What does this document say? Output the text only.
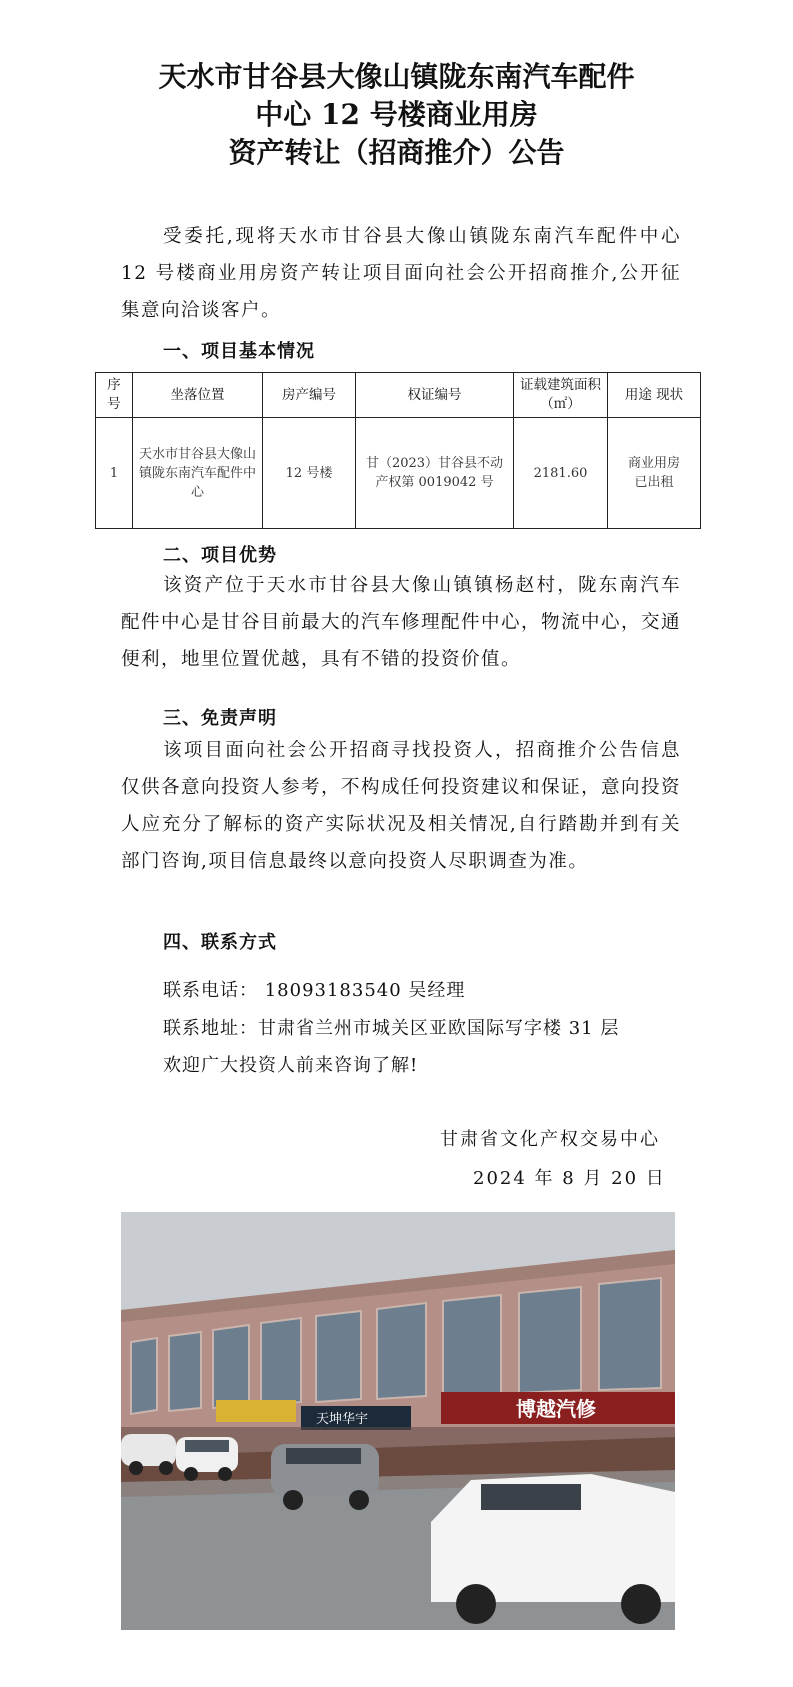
天水市甘谷县大像山镇陇东南汽车配件
中心 12 号楼商业用房
资产转让（招商推介）公告
受委托,现将天水市甘谷县大像山镇陇东南汽车配件中心 12 号楼商业用房资产转让项目面向社会公开招商推介,公开征集意向洽谈客户。
一、项目基本情况
序号	坐落位置	房产编号	权证编号	证载建筑面积（㎡）	用途 现状
1	天水市甘谷县大像山镇陇东南汽车配件中心	12 号楼	甘（2023）甘谷县不动产权第 0019042 号	2181.60	商业用房
已出租
二、项目优势
该资产位于天水市甘谷县大像山镇镇杨赵村，陇东南汽车配件中心是甘谷目前最大的汽车修理配件中心，物流中心，交通便利，地里位置优越，具有不错的投资价值。
三、免责声明
该项目面向社会公开招商寻找投资人，招商推介公告信息仅供各意向投资人参考，不构成任何投资建议和保证，意向投资人应充分了解标的资产实际状况及相关情况,自行踏勘并到有关部门咨询,项目信息最终以意向投资人尽职调查为准。
四、联系方式
联系电话： 18093183540 吴经理
联系地址：甘肃省兰州市城关区亚欧国际写字楼 31 层
欢迎广大投资人前来咨询了解!
甘肃省文化产权交易中心
2024 年 8 月 20 日
天坤华宇	博越汽修
